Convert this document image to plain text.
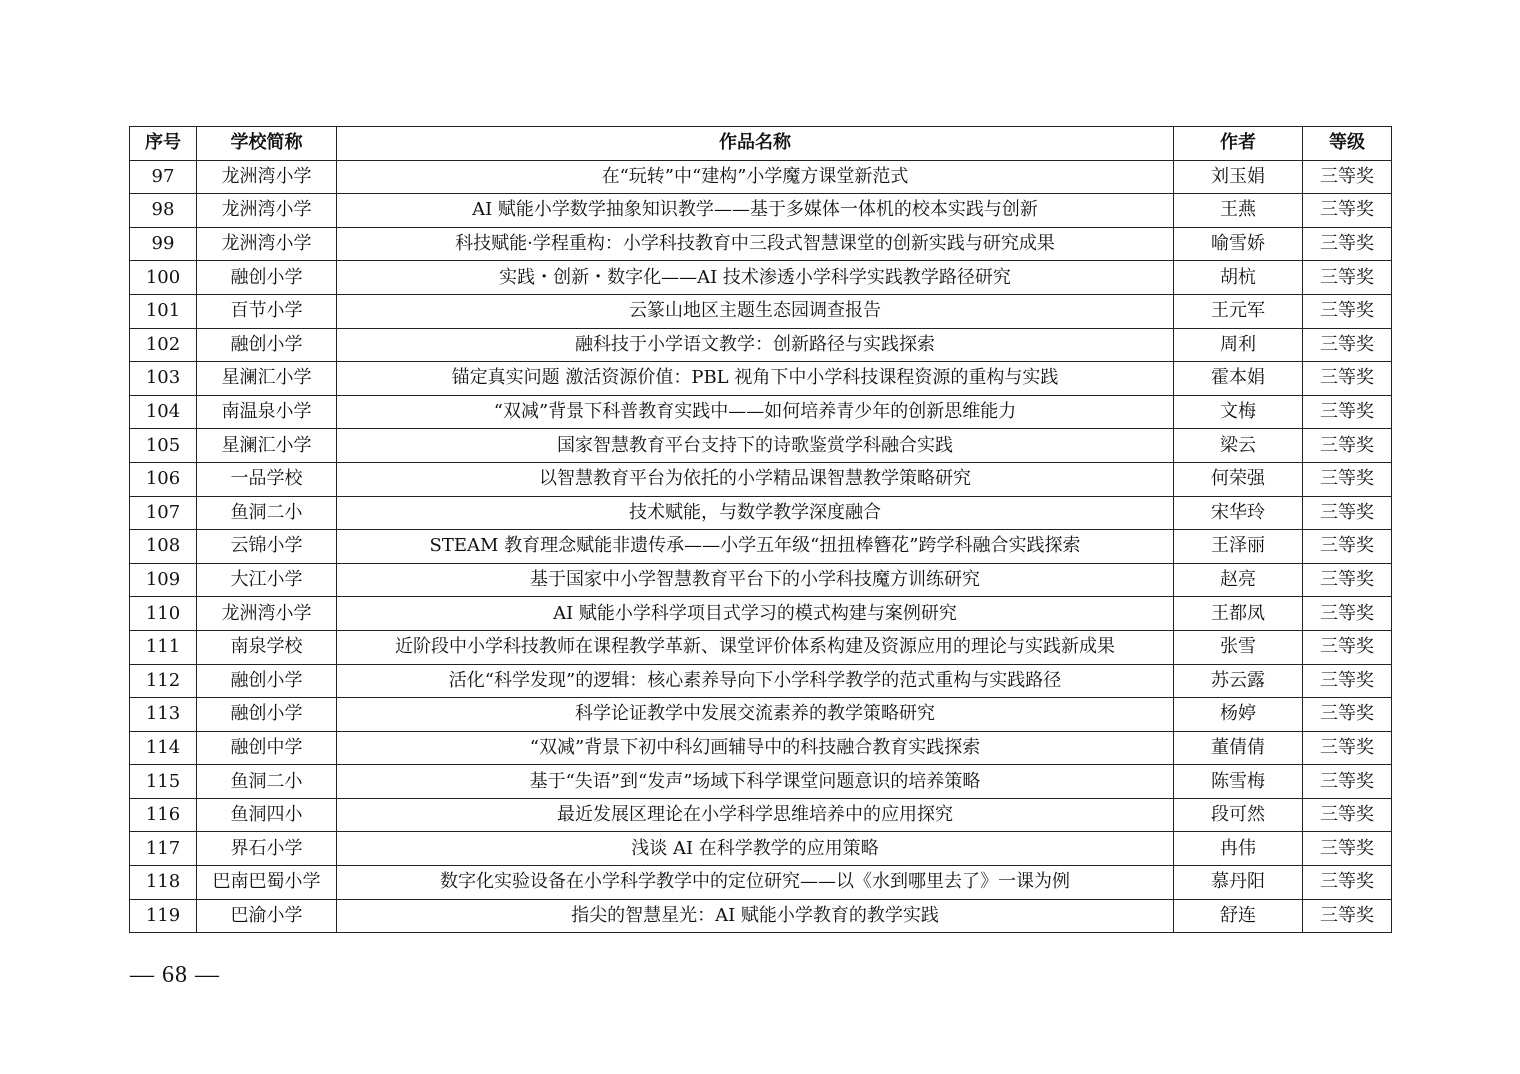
序号	学校简称	作品名称	作者	等级
97	龙洲湾小学	在“玩转”中“建构”小学魔方课堂新范式	刘玉娟	三等奖
98	龙洲湾小学	AI 赋能小学数学抽象知识教学——基于多媒体一体机的校本实践与创新	王燕	三等奖
99	龙洲湾小学	科技赋能·学程重构：小学科技教育中三段式智慧课堂的创新实践与研究成果	喻雪娇	三等奖
100	融创小学	实践・创新・数字化——AI 技术渗透小学科学实践教学路径研究	胡杭	三等奖
101	百节小学	云篆山地区主题生态园调查报告	王元军	三等奖
102	融创小学	融科技于小学语文教学：创新路径与实践探索	周利	三等奖
103	星澜汇小学	锚定真实问题 激活资源价值：PBL 视角下中小学科技课程资源的重构与实践	霍本娟	三等奖
104	南温泉小学	“双减”背景下科普教育实践中——如何培养青少年的创新思维能力	文梅	三等奖
105	星澜汇小学	国家智慧教育平台支持下的诗歌鉴赏学科融合实践	梁云	三等奖
106	一品学校	以智慧教育平台为依托的小学精品课智慧教学策略研究	何荣强	三等奖
107	鱼洞二小	技术赋能，与数学教学深度融合	宋华玲	三等奖
108	云锦小学	STEAM 教育理念赋能非遗传承——小学五年级“扭扭棒簪花”跨学科融合实践探索	王泽丽	三等奖
109	大江小学	基于国家中小学智慧教育平台下的小学科技魔方训练研究	赵亮	三等奖
110	龙洲湾小学	AI 赋能小学科学项目式学习的模式构建与案例研究	王都凤	三等奖
111	南泉学校	近阶段中小学科技教师在课程教学革新、课堂评价体系构建及资源应用的理论与实践新成果	张雪	三等奖
112	融创小学	活化“科学发现”的逻辑：核心素养导向下小学科学教学的范式重构与实践路径	苏云露	三等奖
113	融创小学	科学论证教学中发展交流素养的教学策略研究	杨婷	三等奖
114	融创中学	“双减”背景下初中科幻画辅导中的科技融合教育实践探索	董倩倩	三等奖
115	鱼洞二小	基于“失语”到“发声”场域下科学课堂问题意识的培养策略	陈雪梅	三等奖
116	鱼洞四小	最近发展区理论在小学科学思维培养中的应用探究	段可然	三等奖
117	界石小学	浅谈 AI 在科学教学的应用策略	冉伟	三等奖
118	巴南巴蜀小学	数字化实验设备在小学科学教学中的定位研究——以《水到哪里去了》一课为例	慕丹阳	三等奖
119	巴渝小学	指尖的智慧星光：AI 赋能小学教育的教学实践	舒连	三等奖
— 68 —
